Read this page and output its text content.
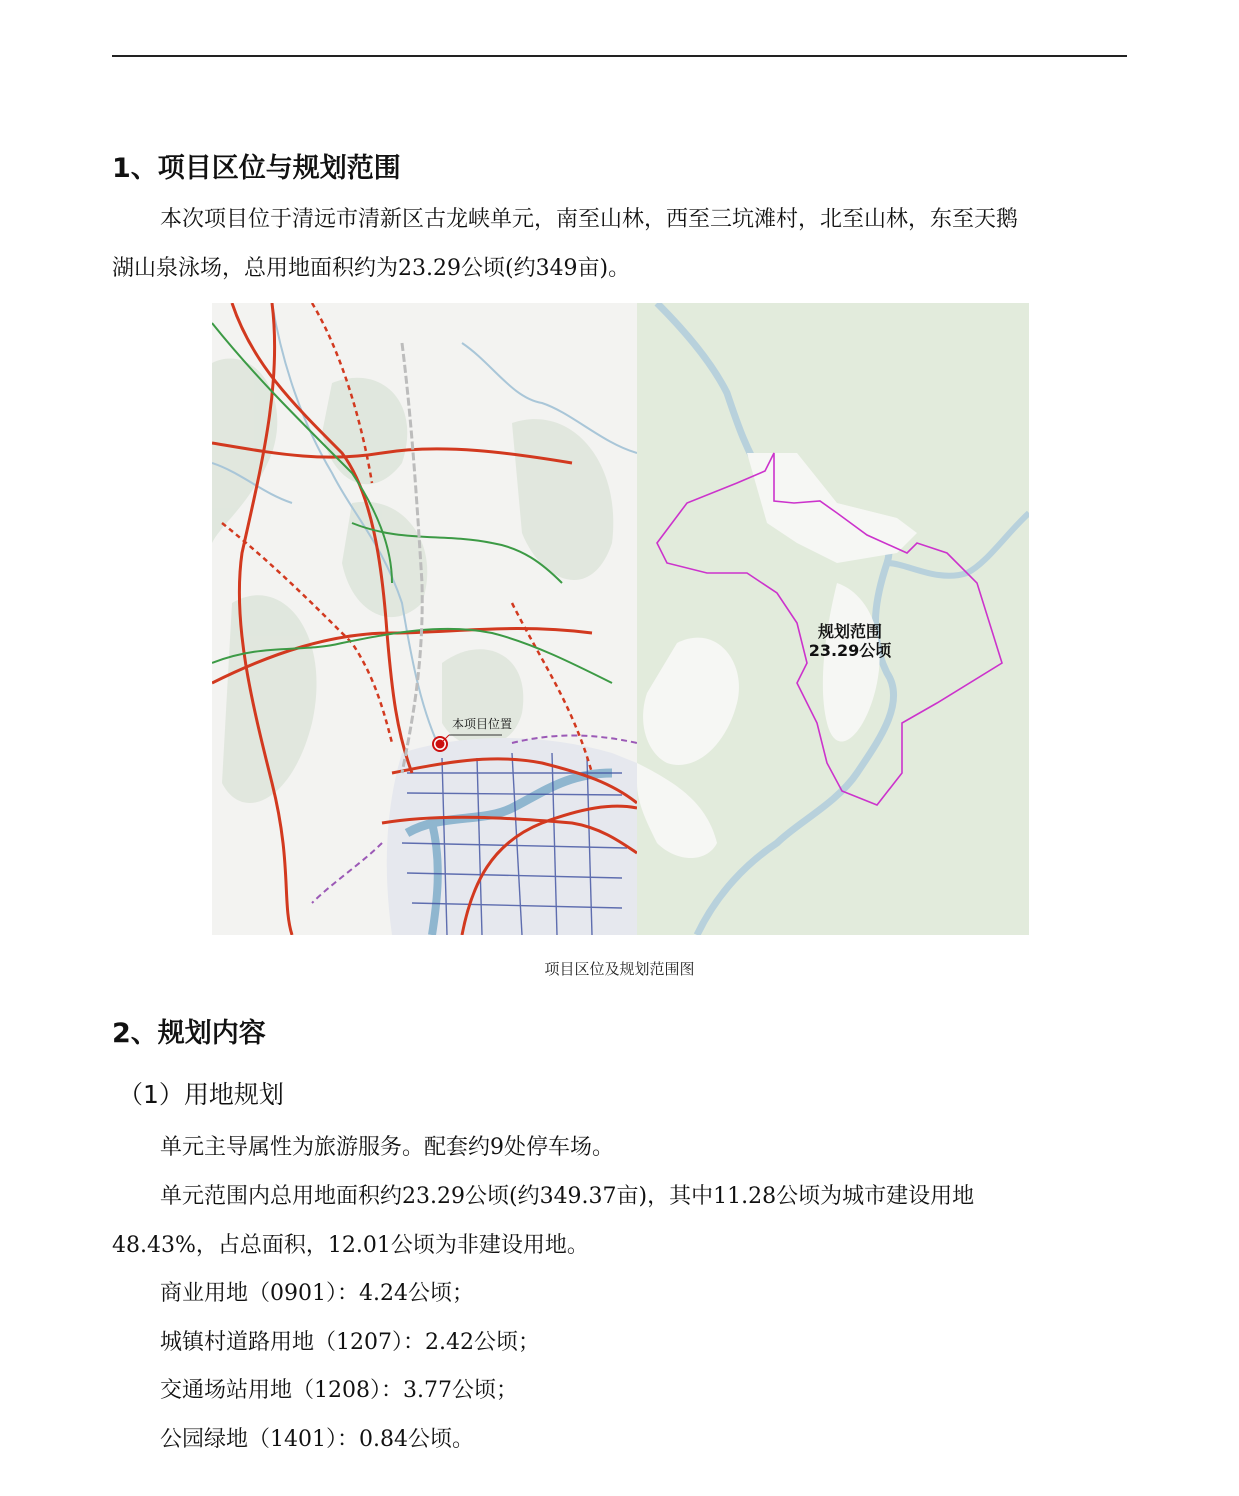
1、项目区位与规划范围
本次项目位于清远市清新区古龙峡单元，南至山林，西至三坑滩村，北至山林，东至天鹅
湖山泉泳场，总用地面积约为23.29公顷(约349亩)。
本项目位置
规划范围
23.29公顷
项目区位及规划范围图
2、规划内容
（1）用地规划
单元主导属性为旅游服务。配套约9处停车场。
单元范围内总用地面积约23.29公顷(约349.37亩)，其中11.28公顷为城市建设用地
48.43%，占总面积，12.01公顷为非建设用地。
商业用地（0901）：4.24公顷；
城镇村道路用地（1207）：2.42公顷；
交通场站用地（1208）：3.77公顷；
公园绿地（1401）：0.84公顷。
